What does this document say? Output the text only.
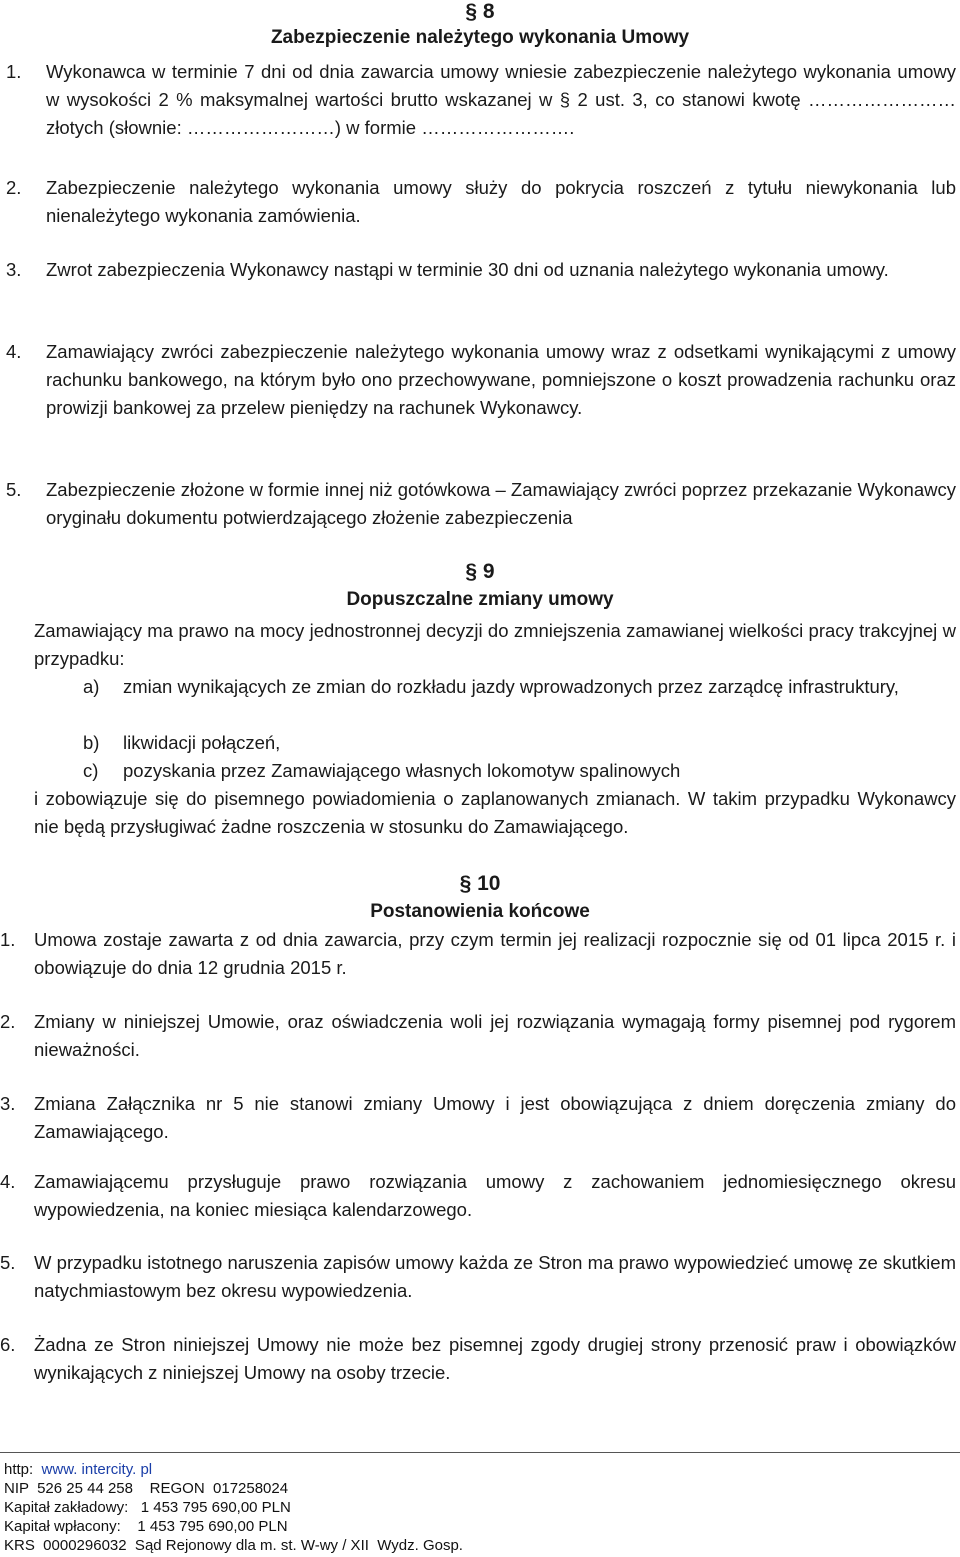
§ 8
Zabezpieczenie należytego wykonania Umowy
1. Wykonawca w terminie 7 dni od dnia zawarcia umowy wniesie zabezpieczenie należytego wykonania umowy w wysokości 2 % maksymalnej wartości brutto wskazanej w § 2 ust. 3, co stanowi kwotę …………………… złotych (słownie: ……………………) w formie …………………….
2. Zabezpieczenie należytego wykonania umowy służy do pokrycia roszczeń z tytułu niewykonania lub nienależytego wykonania zamówienia.
3. Zwrot zabezpieczenia Wykonawcy nastąpi w terminie 30 dni od uznania należytego wykonania umowy.
4. Zamawiający zwróci zabezpieczenie należytego wykonania umowy wraz z odsetkami wynikającymi z umowy rachunku bankowego, na którym było ono przechowywane, pomniejszone o koszt prowadzenia rachunku oraz prowizji bankowej za przelew pieniędzy na rachunek Wykonawcy.
5. Zabezpieczenie złożone w formie innej niż gotówkowa – Zamawiający zwróci poprzez przekazanie Wykonawcy oryginału dokumentu potwierdzającego złożenie zabezpieczenia
§ 9
Dopuszczalne zmiany umowy
Zamawiający ma prawo na mocy jednostronnej decyzji do zmniejszenia zamawianej wielkości pracy trakcyjnej w przypadku:
a) zmian wynikających ze zmian do rozkładu jazdy wprowadzonych przez zarządcę infrastruktury,
b) likwidacji połączeń,
c) pozyskania przez Zamawiającego własnych lokomotyw spalinowych
i zobowiązuje się do pisemnego powiadomienia o zaplanowanych zmianach. W takim przypadku Wykonawcy nie będą przysługiwać żadne roszczenia w stosunku do Zamawiającego.
§ 10
Postanowienia końcowe
1. Umowa zostaje zawarta z od dnia zawarcia, przy czym termin jej realizacji rozpocznie się od 01 lipca 2015 r. i obowiązuje do dnia 12 grudnia 2015 r.
2. Zmiany w niniejszej Umowie, oraz oświadczenia woli jej rozwiązania wymagają formy pisemnej pod rygorem nieważności.
3. Zmiana Załącznika nr 5 nie stanowi zmiany Umowy i jest obowiązująca z dniem doręczenia zmiany do Zamawiającego.
4. Zamawiającemu przysługuje prawo rozwiązania umowy z zachowaniem jednomiesięcznego okresu wypowiedzenia, na koniec miesiąca kalendarzowego.
5. W przypadku istotnego naruszenia zapisów umowy każda ze Stron ma prawo wypowiedzieć umowę ze skutkiem natychmiastowym bez okresu wypowiedzenia.
6. Żadna ze Stron niniejszej Umowy nie może bez pisemnej zgody drugiej strony przenosić praw i obowiązków wynikających z niniejszej Umowy na osoby trzecie.
http: www. intercity. pl
NIP  526 25 44 258    REGON  017258024
Kapitał zakładowy:   1 453 795 690,00 PLN
Kapitał wpłacony:    1 453 795 690,00 PLN
KRS  0000296032  Sąd Rejonowy dla m. st. W-wy / XII  Wydz. Gosp.
